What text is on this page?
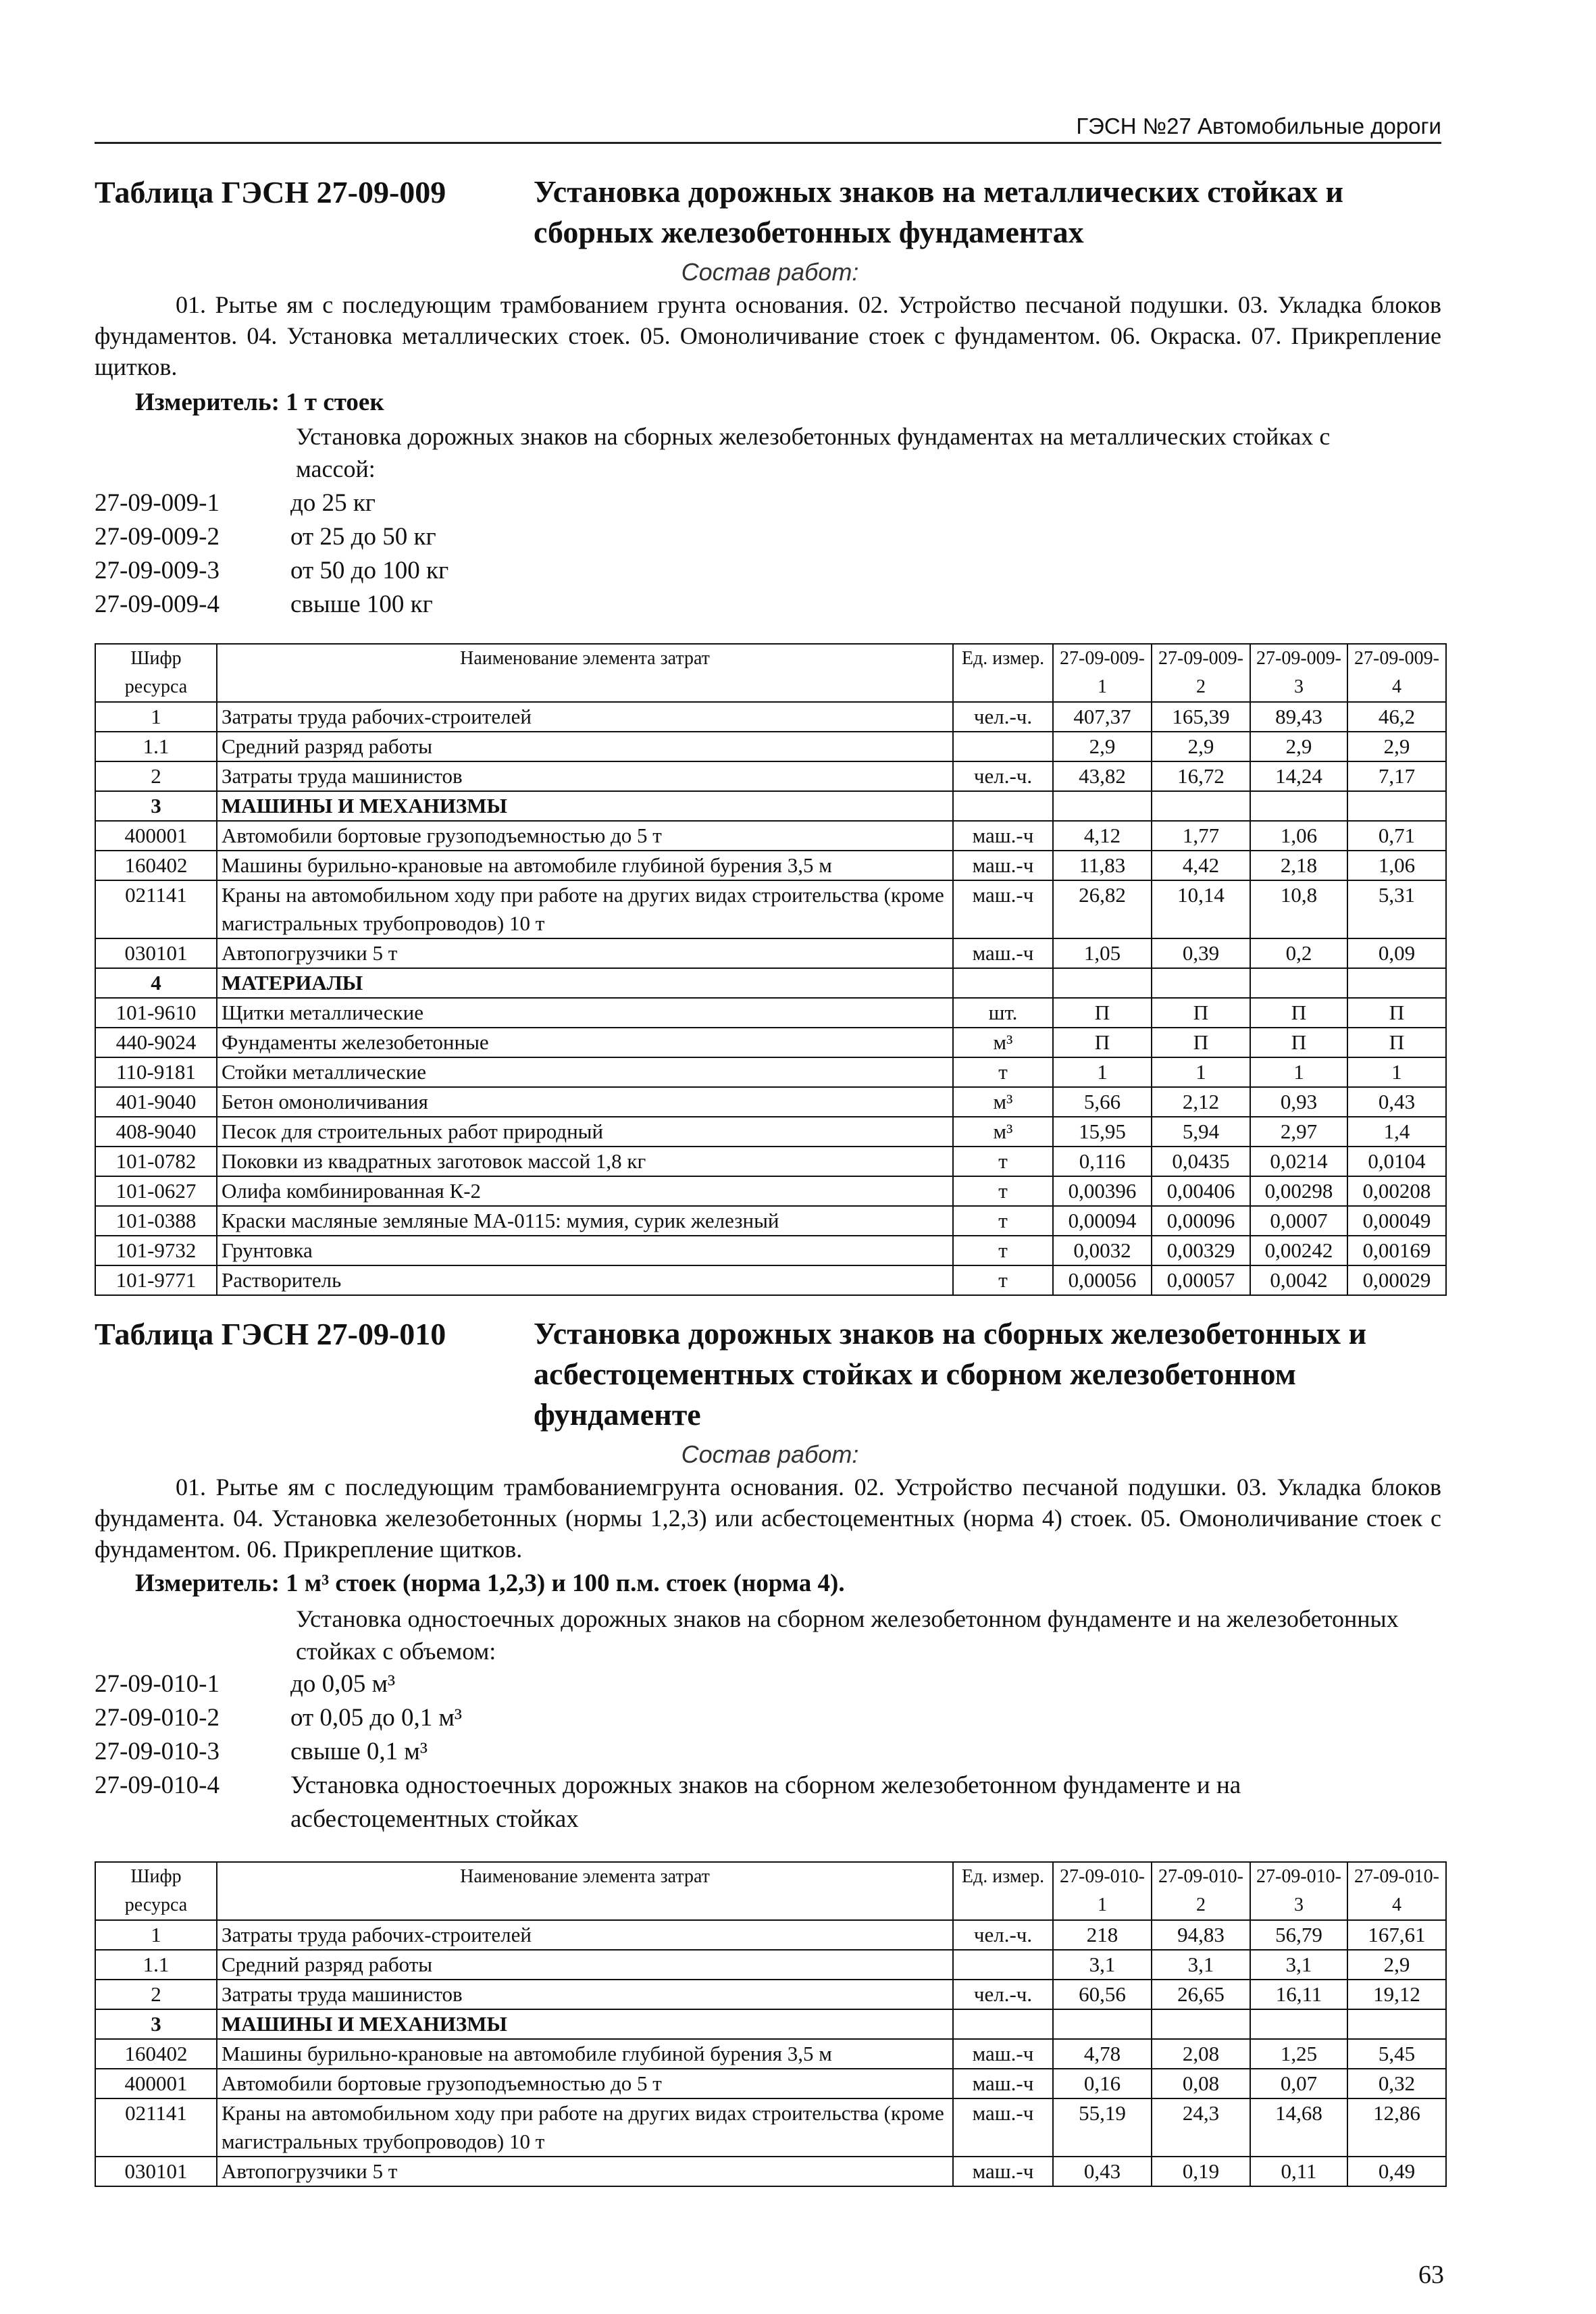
ГЭСН №27 Автомобильные дороги
Таблица ГЭСН 27-09-009	Установка дорожных знаков на металлических стойках и сборных железобетонных фундаментах
Состав работ:
01. Рытье ям с последующим трамбованием грунта основания. 02. Устройство песчаной подушки. 03. Укладка блоков фундаментов. 04. Установка металлических стоек. 05. Омоноличивание стоек с фундаментом. 06. Окраска. 07. Прикрепление щитков.
Измеритель: 1 т стоек
Установка дорожных знаков на сборных железобетонных фундаментах на металлических стойках с массой:
27-09-009-1	до 25 кг
27-09-009-2	от 25 до 50 кг
27-09-009-3	от 50 до 100 кг
27-09-009-4	свыше 100 кг
Шифр ресурса	Наименование элемента затрат	Ед. измер.	27-09-009-1	27-09-009-2	27-09-009-3	27-09-009-4
1	Затраты труда рабочих-строителей	чел.-ч.	407,37	165,39	89,43	46,2
1.1	Средний разряд работы		2,9	2,9	2,9	2,9
2	Затраты труда машинистов	чел.-ч.	43,82	16,72	14,24	7,17
3	МАШИНЫ И МЕХАНИЗМЫ					
400001	Автомобили бортовые грузоподъемностью до 5 т	маш.-ч	4,12	1,77	1,06	0,71
160402	Машины бурильно-крановые на автомобиле глубиной бурения 3,5 м	маш.-ч	11,83	4,42	2,18	1,06
021141	Краны на автомобильном ходу при работе на других видах строительства (кроме магистральных трубопроводов) 10 т	маш.-ч	26,82	10,14	10,8	5,31
030101	Автопогрузчики 5 т	маш.-ч	1,05	0,39	0,2	0,09
4	МАТЕРИАЛЫ					
101-9610	Щитки металлические	шт.	П	П	П	П
440-9024	Фундаменты железобетонные	м³	П	П	П	П
110-9181	Стойки металлические	т	1	1	1	1
401-9040	Бетон омоноличивания	м³	5,66	2,12	0,93	0,43
408-9040	Песок для строительных работ природный	м³	15,95	5,94	2,97	1,4
101-0782	Поковки из квадратных заготовок массой 1,8 кг	т	0,116	0,0435	0,0214	0,0104
101-0627	Олифа комбинированная К-2	т	0,00396	0,00406	0,00298	0,00208
101-0388	Краски масляные земляные МА-0115: мумия, сурик железный	т	0,00094	0,00096	0,0007	0,00049
101-9732	Грунтовка	т	0,0032	0,00329	0,00242	0,00169
101-9771	Растворитель	т	0,00056	0,00057	0,0042	0,00029
Таблица ГЭСН 27-09-010	Установка дорожных знаков на сборных железобетонных и асбестоцементных стойках и сборном железобетонном фундаменте
Состав работ:
01. Рытье ям с последующим трамбованиемгрунта основания. 02. Устройство песчаной подушки. 03. Укладка блоков фундамента. 04. Установка железобетонных (нормы 1,2,3) или асбестоцементных (норма 4) стоек. 05. Омоноличивание стоек с фундаментом. 06. Прикрепление щитков.
Измеритель: 1 м³ стоек (норма 1,2,3) и 100 п.м. стоек (норма 4).
Установка одностоечных дорожных знаков на сборном железобетонном фундаменте и на железобетонных стойках с объемом:
27-09-010-1	до 0,05 м³
27-09-010-2	от 0,05 до 0,1 м³
27-09-010-3	свыше 0,1 м³
27-09-010-4	Установка одностоечных дорожных знаков на сборном железобетонном фундаменте и на асбестоцементных стойках
Шифр ресурса	Наименование элемента затрат	Ед. измер.	27-09-010-1	27-09-010-2	27-09-010-3	27-09-010-4
1	Затраты труда рабочих-строителей	чел.-ч.	218	94,83	56,79	167,61
1.1	Средний разряд работы		3,1	3,1	3,1	2,9
2	Затраты труда машинистов	чел.-ч.	60,56	26,65	16,11	19,12
3	МАШИНЫ И МЕХАНИЗМЫ					
160402	Машины бурильно-крановые на автомобиле глубиной бурения 3,5 м	маш.-ч	4,78	2,08	1,25	5,45
400001	Автомобили бортовые грузоподъемностью до 5 т	маш.-ч	0,16	0,08	0,07	0,32
021141	Краны на автомобильном ходу при работе на других видах строительства (кроме магистральных трубопроводов) 10 т	маш.-ч	55,19	24,3	14,68	12,86
030101	Автопогрузчики 5 т	маш.-ч	0,43	0,19	0,11	0,49
63
